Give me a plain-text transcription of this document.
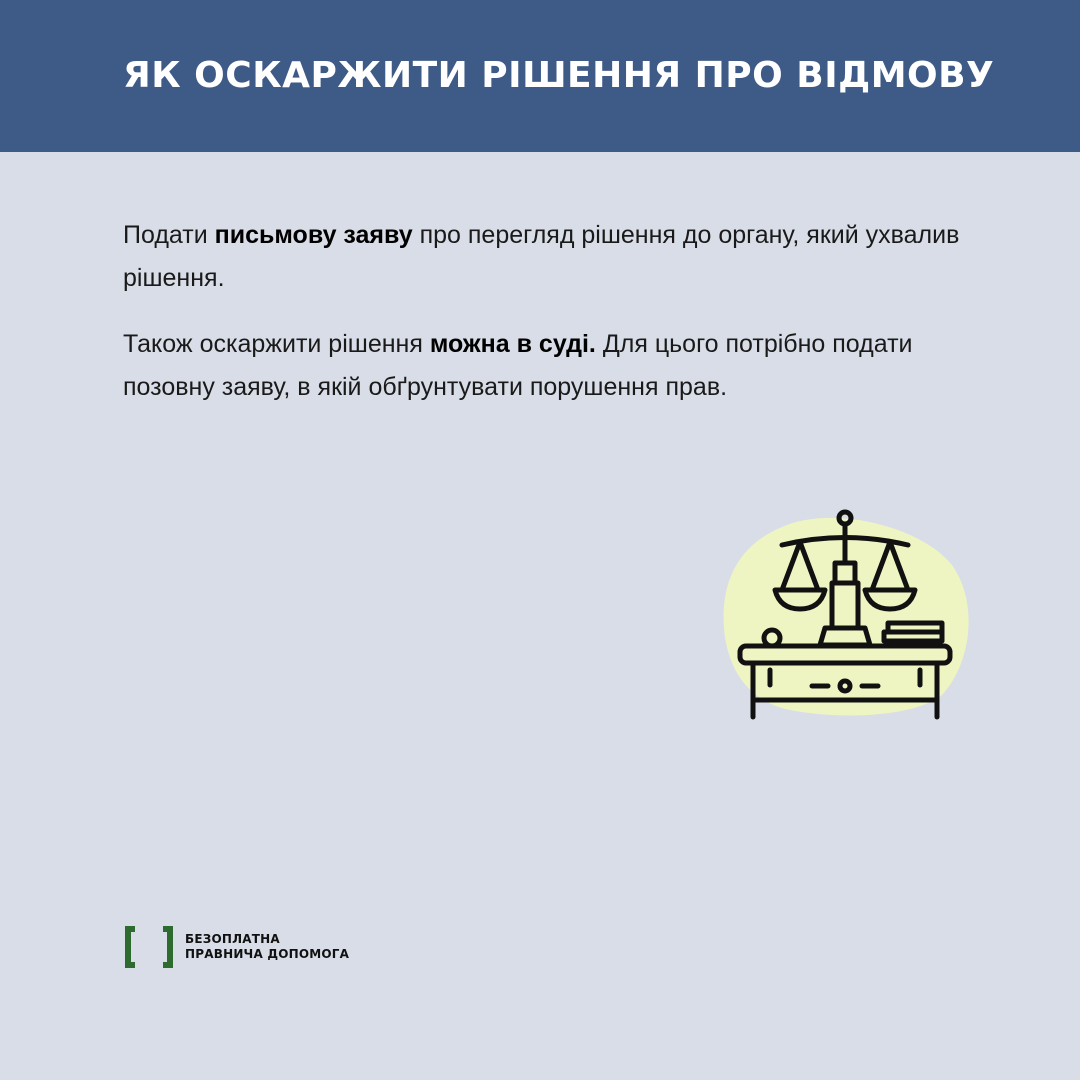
ЯК ОСКАРЖИТИ РІШЕННЯ ПРО ВІДМОВУ

Подати письмову заяву про перегляд рішення до органу, який ухвалив рішення.

Також оскаржити рішення можна в суді. Для цього потрібно подати позовну заяву, в якій обґрунтувати порушення прав.

БЕЗОПЛАТНА
ПРАВНИЧА ДОПОМОГА
